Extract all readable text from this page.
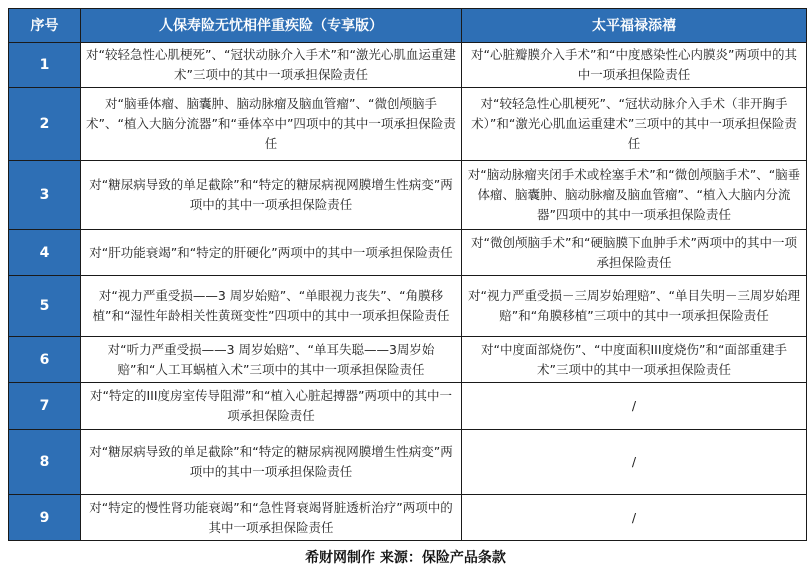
序号	人保寿险无忧相伴重疾险（专享版）	太平福禄添禧
1	对“较轻急性心肌梗死”、“冠状动脉介入手术”和“激光心肌血运重建术”三项中的其中一项承担保险责任	对“心脏瓣膜介入手术”和“中度感染性心内膜炎”两项中的其中一项承担保险责任
2	对“脑垂体瘤、脑囊肿、脑动脉瘤及脑血管瘤”、“微创颅脑手术”、“植入大脑分流器”和“垂体卒中”四项中的其中一项承担保险责任	对“较轻急性心肌梗死”、“冠状动脉介入手术（非开胸手术）”和“激光心肌血运重建术”三项中的其中一项承担保险责任
3	对“糖尿病导致的单足截除”和“特定的糖尿病视网膜增生性病变”两项中的其中一项承担保险责任	对“脑动脉瘤夹闭手术或栓塞手术”和“微创颅脑手术”、“脑垂体瘤、脑囊肿、脑动脉瘤及脑血管瘤”、“植入大脑内分流器”四项中的其中一项承担保险责任
4	对“肝功能衰竭”和“特定的肝硬化”两项中的其中一项承担保险责任	对“微创颅脑手术”和“硬脑膜下血肿手术”两项中的其中一项承担保险责任
5	对“视力严重受损——3 周岁始赔”、“单眼视力丧失”、“角膜移植”和“湿性年龄相关性黄斑变性”四项中的其中一项承担保险责任	对“视力严重受损－三周岁始理赔”、“单目失明－三周岁始理赔”和“角膜移植”三项中的其中一项承担保险责任
6	对“听力严重受损——3 周岁始赔”、“单耳失聪——3周岁始赔”和“人工耳蜗植入术”三项中的其中一项承担保险责任	对“中度面部烧伤”、“中度面积III度烧伤”和“面部重建手术”三项中的其中一项承担保险责任
7	对“特定的III度房室传导阻滞”和“植入心脏起搏器”两项中的其中一项承担保险责任	/
8	对“糖尿病导致的单足截除”和“特定的糖尿病视网膜增生性病变”两项中的其中一项承担保险责任	/
9	对“特定的慢性肾功能衰竭”和“急性肾衰竭肾脏透析治疗”两项中的其中一项承担保险责任	/
希财网制作 来源：保险产品条款
